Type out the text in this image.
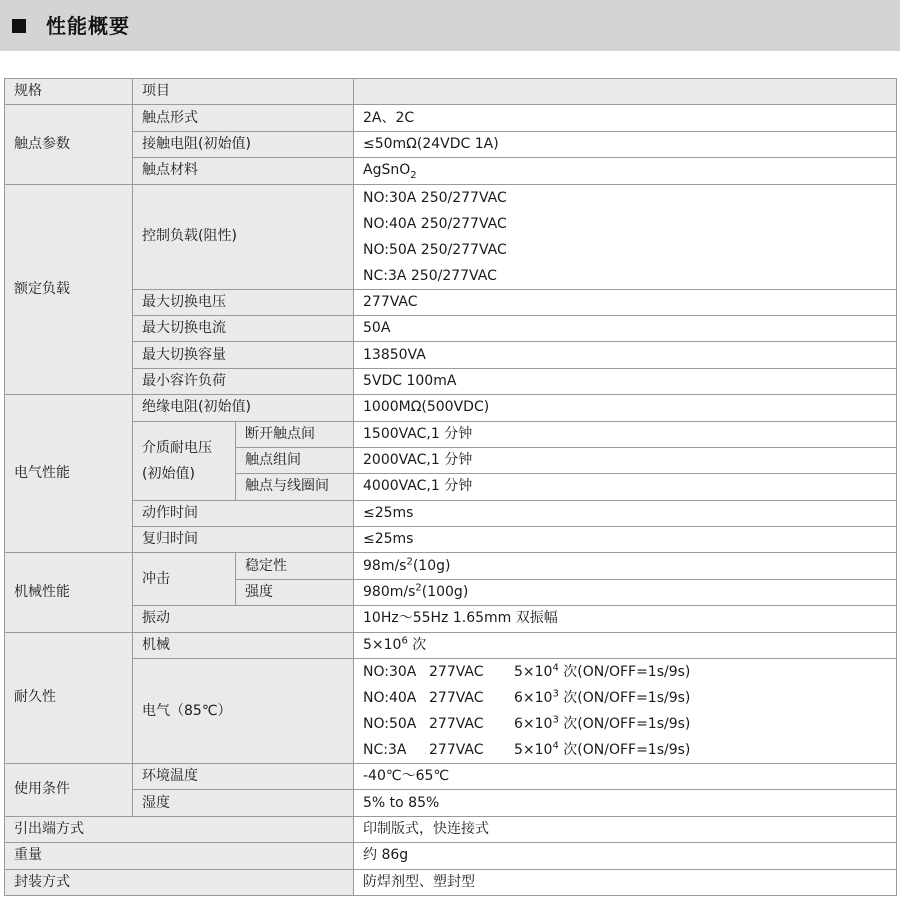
性能概要
规格	项目		
触点参数	触点形式		2A、2C
	接触电阻(初始值)		≤50mΩ(24VDC 1A)
	触点材料		AgSnO$_2$
额定负载	控制负载(阻性)		NO:30A 250/277VAC
NO:40A 250/277VAC
NO:50A 250/277VAC
NC:3A 250/277VAC

	最大切换电压		277VAC
	最大切换电流		50A
	最大切换容量		13850VA
	最小容许负荷		5VDC 100mA
电气性能	绝缘电阻(初始值)		1000MΩ(500VDC)

	介质耐电压
(初始值)	断开触点间	1500VAC,1 分钟
		触点组间	2000VAC,1 分钟
		触点与线圈间	4000VAC,1 分钟
	动作时间		≤25ms
	复归时间		≤25ms
机械性能	冲击	稳定性	$98m/s^2(10g)$
		强度	$980m/s^2(100g)$
	振动		10Hz～55Hz 1.65mm 双振幅
耐久性	机械		$5\times 10^6$ 次
	电气（85℃）		NO:30A 277VAC $5\times 10^4$ 次(ON/OFF=1s/9s)
NO:40A 277VAC $6\times 10^3$ 次(ON/OFF=1s/9s)
NO:50A 277VAC $6\times 10^3$ 次(ON/OFF=1s/9s)
NC:3A 277VAC $5\times 10^4$ 次(ON/OFF=1s/9s)

使用条件	环境温度		-40℃～65℃
	湿度		5% to 85%
引出端方式			印制版式，快连接式
重量			约 86g
封装方式			防焊剂型、塑封型
